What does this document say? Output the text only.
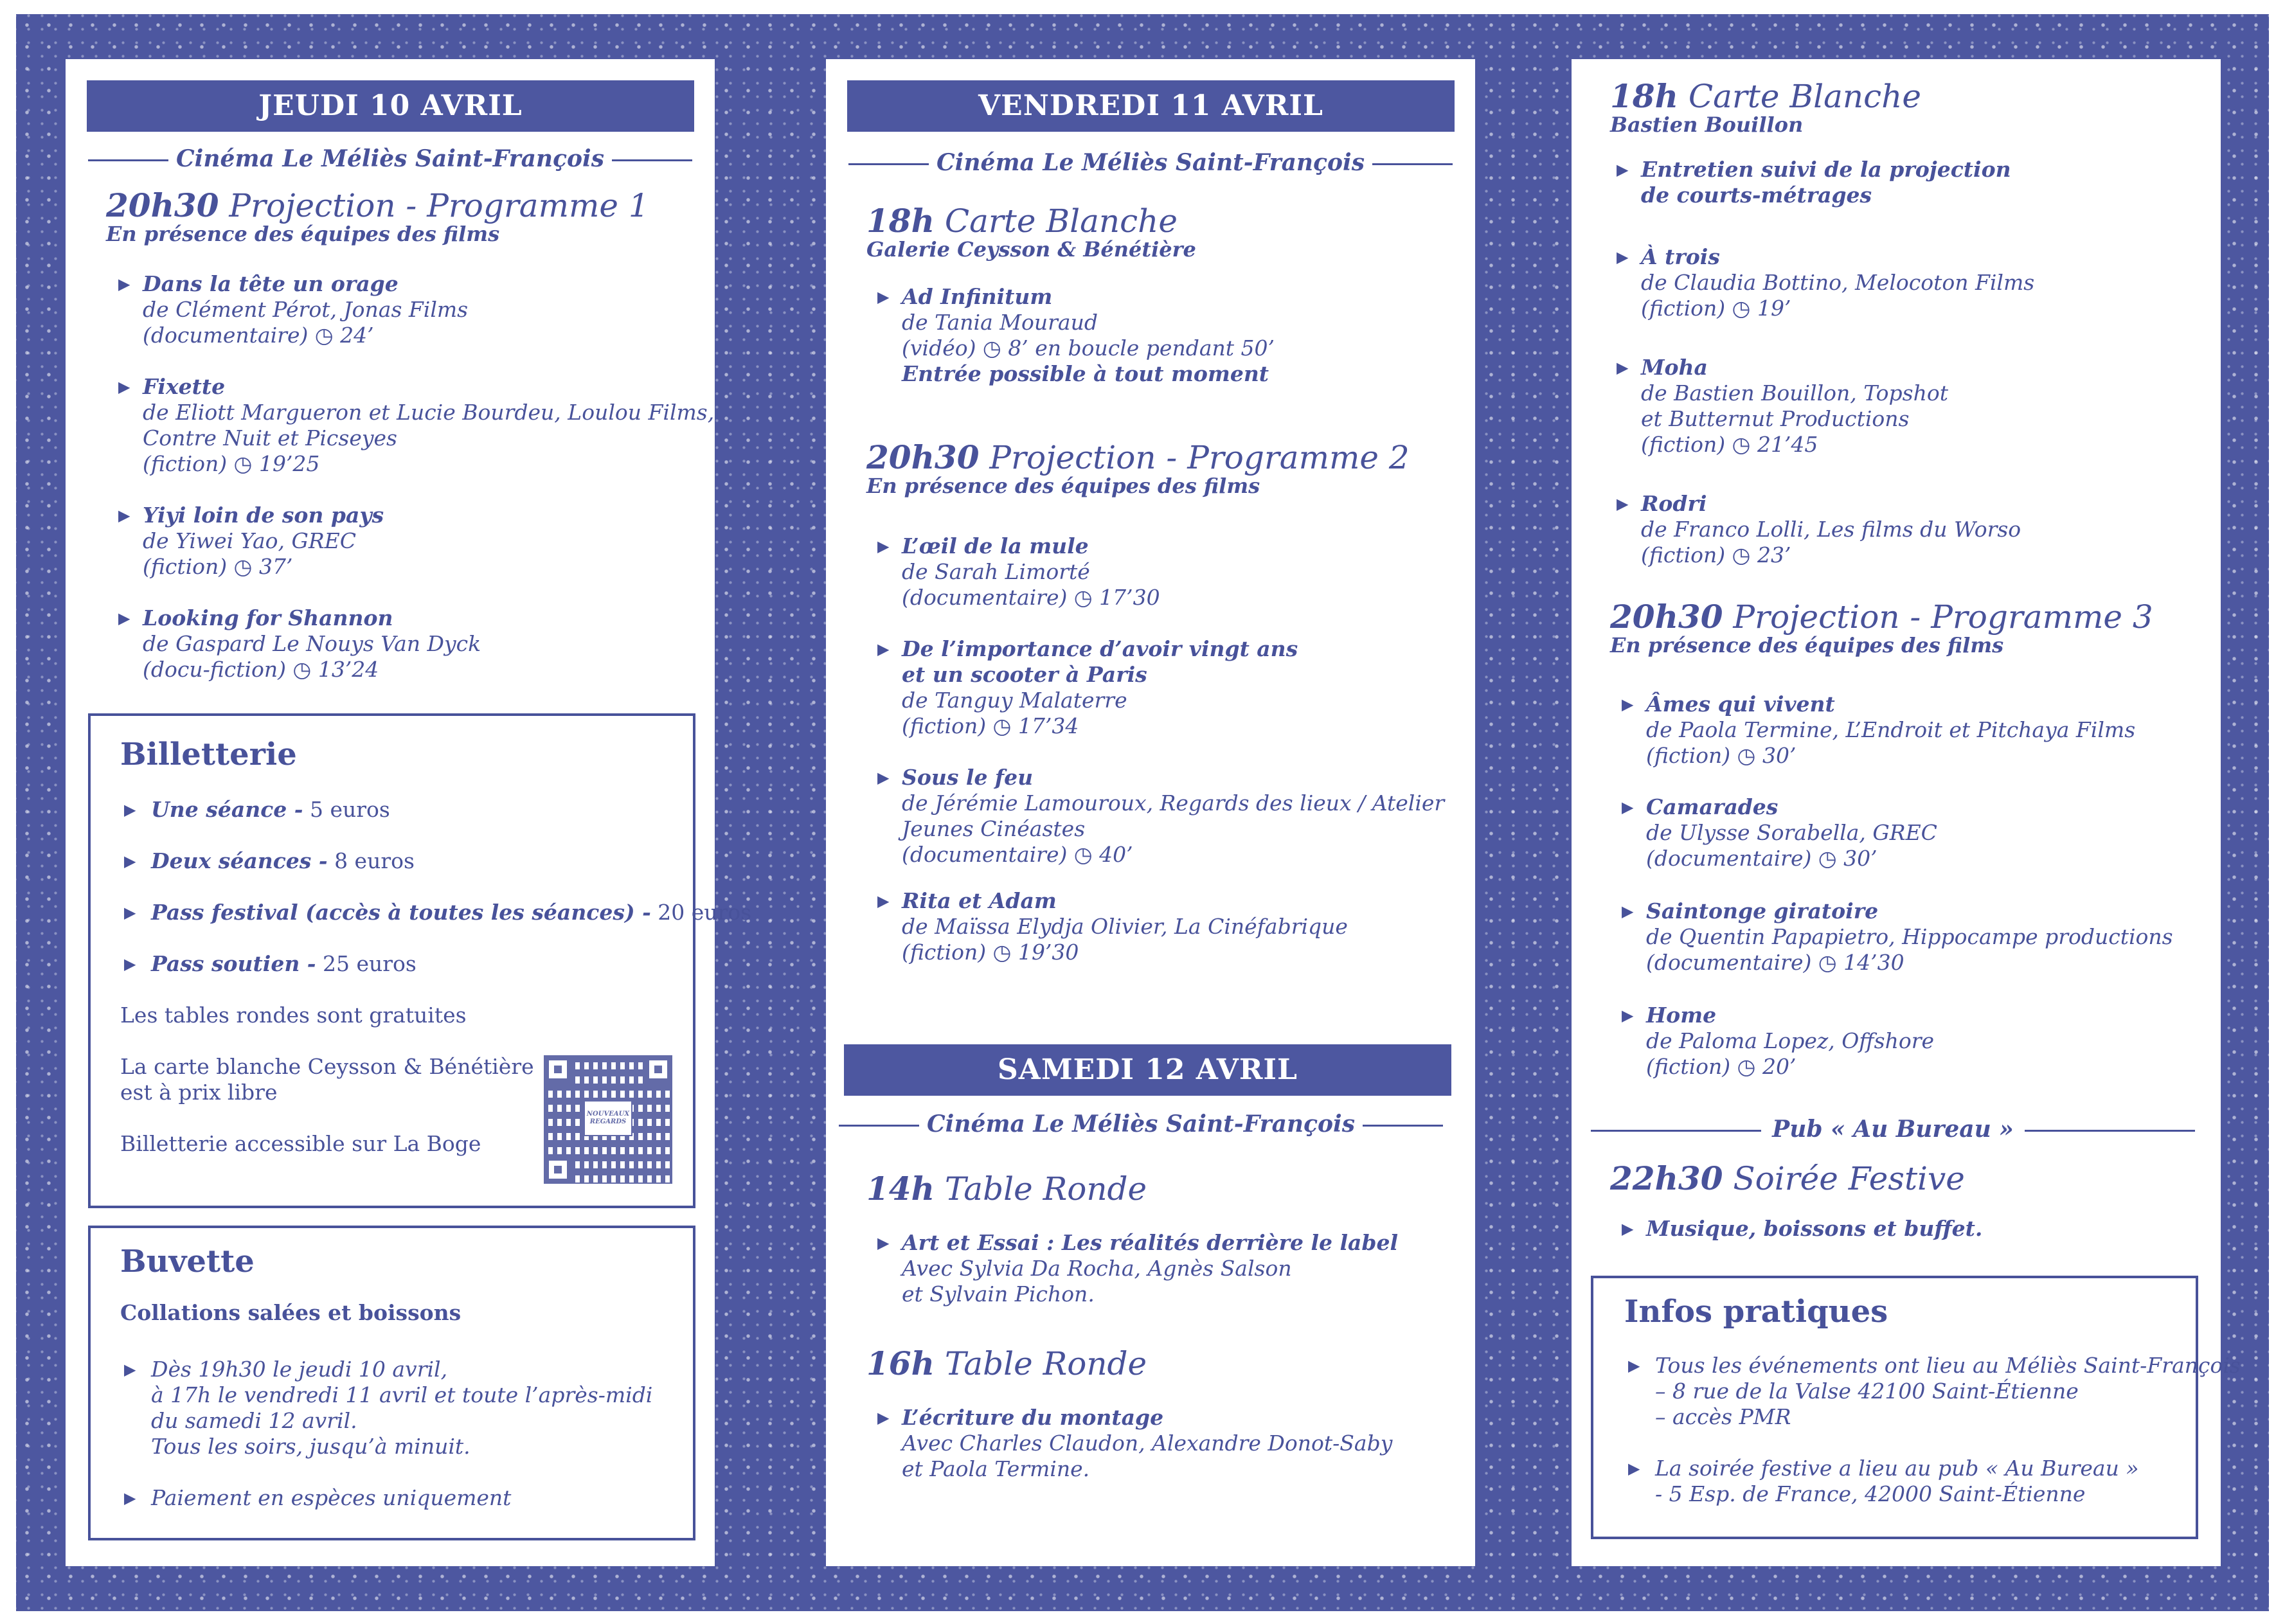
JEUDI 10 AVRIL
Cinéma Le Méliès Saint-François
20h30 Projection - Programme 1
En présence des équipes des films
▶ Dans la tête un orage
de Clément Pérot, Jonas Films
(documentaire) ◷ 24’
▶ Fixette
de Eliott Margueron et Lucie Bourdeu, Loulou Films,
Contre Nuit et Picseyes
(fiction) ◷ 19’25
▶ Yiyi loin de son pays
de Yiwei Yao, GREC
(fiction) ◷ 37’
▶ Looking for Shannon
de Gaspard Le Nouys Van Dyck
(docu-fiction) ◷ 13’24
Billetterie
▶ Une séance - 5 euros
▶ Deux séances - 8 euros
▶ Pass festival (accès à toutes les séances) - 20 euros
▶ Pass soutien - 25 euros
Les tables rondes sont gratuites
La carte blanche Ceysson & Bénétière
est à prix libre
Billetterie accessible sur La Boge
NOUVEAUX REGARDS
Buvette
Collations salées et boissons
▶ Dès 19h30 le jeudi 10 avril,
à 17h le vendredi 11 avril et toute l’après-midi
du samedi 12 avril.
Tous les soirs, jusqu’à minuit.
▶ Paiement en espèces uniquement
VENDREDI 11 AVRIL
Cinéma Le Méliès Saint-François
18h Carte Blanche
Galerie Ceysson & Bénétière
▶ Ad Infinitum
de Tania Mouraud
(vidéo) ◷ 8’ en boucle pendant 50’
Entrée possible à tout moment
20h30 Projection - Programme 2
En présence des équipes des films
▶ L’œil de la mule
de Sarah Limorté
(documentaire) ◷ 17’30
▶ De l’importance d’avoir vingt ans
et un scooter à Paris
de Tanguy Malaterre
(fiction) ◷ 17’34
▶ Sous le feu
de Jérémie Lamouroux, Regards des lieux / Atelier
Jeunes Cinéastes
(documentaire) ◷ 40’
▶ Rita et Adam
de Maïssa Elydja Olivier, La Cinéfabrique
(fiction) ◷ 19’30
SAMEDI 12 AVRIL
Cinéma Le Méliès Saint-François
14h Table Ronde
▶ Art et Essai : Les réalités derrière le label
Avec Sylvia Da Rocha, Agnès Salson
et Sylvain Pichon.
16h Table Ronde
▶ L’écriture du montage
Avec Charles Claudon, Alexandre Donot-Saby
et Paola Termine.
18h Carte Blanche
Bastien Bouillon
▶ Entretien suivi de la projection
de courts-métrages
▶ À trois
de Claudia Bottino, Melocoton Films
(fiction) ◷ 19’
▶ Moha
de Bastien Bouillon, Topshot
et Butternut Productions
(fiction) ◷ 21’45
▶ Rodri
de Franco Lolli, Les films du Worso
(fiction) ◷ 23’
20h30 Projection - Programme 3
En présence des équipes des films
▶ Âmes qui vivent
de Paola Termine, L’Endroit et Pitchaya Films
(fiction) ◷ 30’
▶ Camarades
de Ulysse Sorabella, GREC
(documentaire) ◷ 30’
▶ Saintonge giratoire
de Quentin Papapietro, Hippocampe productions
(documentaire) ◷ 14’30
▶ Home
de Paloma Lopez, Offshore
(fiction) ◷ 20’
Pub « Au Bureau »
22h30 Soirée Festive
▶ Musique, boissons et buffet.
Infos pratiques
▶ Tous les événements ont lieu au Méliès Saint-François
– 8 rue de la Valse 42100 Saint-Étienne
– accès PMR
▶ La soirée festive a lieu au pub « Au Bureau »
- 5 Esp. de France, 42000 Saint-Étienne
